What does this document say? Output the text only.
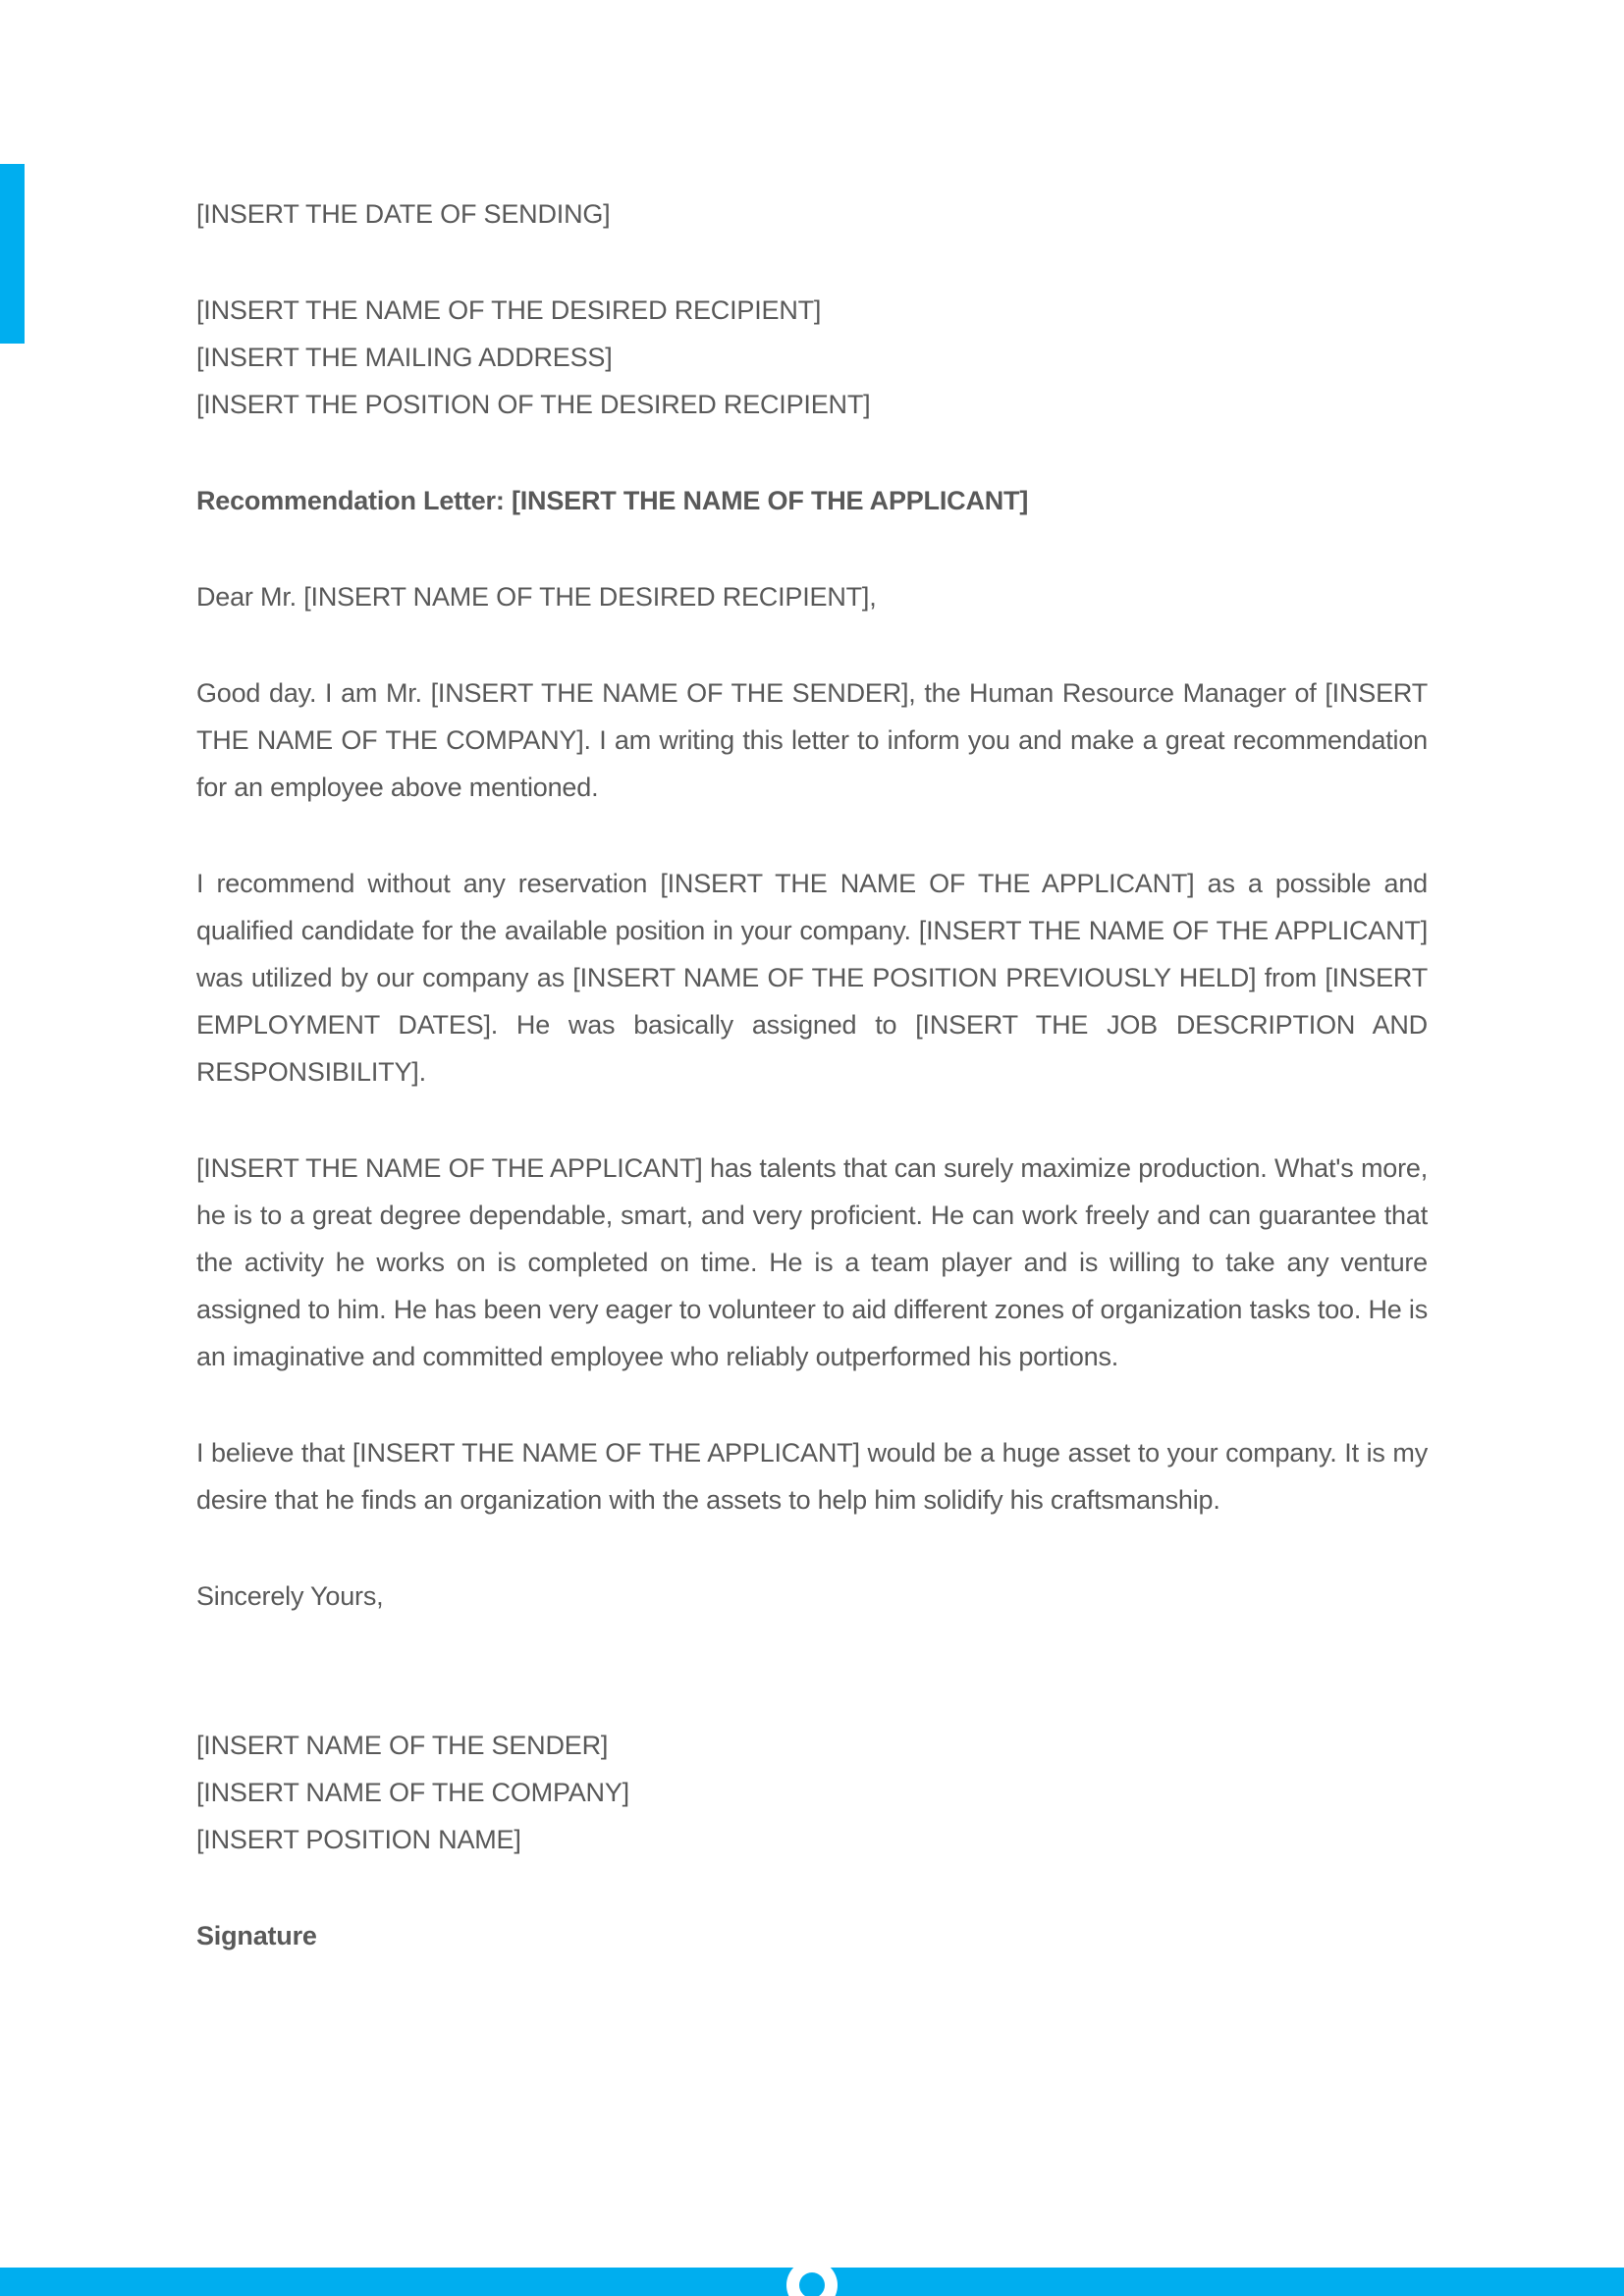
[INSERT THE DATE OF SENDING]
[INSERT THE NAME OF THE DESIRED RECIPIENT]
[INSERT THE MAILING ADDRESS]
[INSERT THE POSITION OF THE DESIRED RECIPIENT]
Recommendation Letter: [INSERT THE NAME OF THE APPLICANT]
Dear Mr. [INSERT NAME OF THE DESIRED RECIPIENT],

Good day. I am Mr. [INSERT THE NAME OF THE SENDER], the Human Resource Manager of [INSERT THE NAME OF THE COMPANY]. I am writing this letter to inform you and make a great recommendation for an employee above mentioned.

I recommend without any reservation [INSERT THE NAME OF THE APPLICANT] as a possible and qualified candidate for the available position in your company. [INSERT THE NAME OF THE APPLICANT] was utilized by our company as [INSERT NAME OF THE POSITION PREVIOUSLY HELD] from [INSERT EMPLOYMENT DATES]. He was basically assigned to [INSERT THE JOB DESCRIPTION AND RESPONSIBILITY].

[INSERT THE NAME OF THE APPLICANT] has talents that can surely maximize production. What's more, he is to a great degree dependable, smart, and very proficient. He can work freely and can guarantee that the activity he works on is completed on time. He is a team player and is willing to take any venture assigned to him. He has been very eager to volunteer to aid different zones of organization tasks too. He is an imaginative and committed employee who reliably outperformed his portions.

I believe that [INSERT THE NAME OF THE APPLICANT] would be a huge asset to your company. It is my desire that he finds an organization with the assets to help him solidify his craftsmanship.

Sincerely Yours,
[INSERT NAME OF THE SENDER]
[INSERT NAME OF THE COMPANY]
[INSERT POSITION NAME]
Signature
